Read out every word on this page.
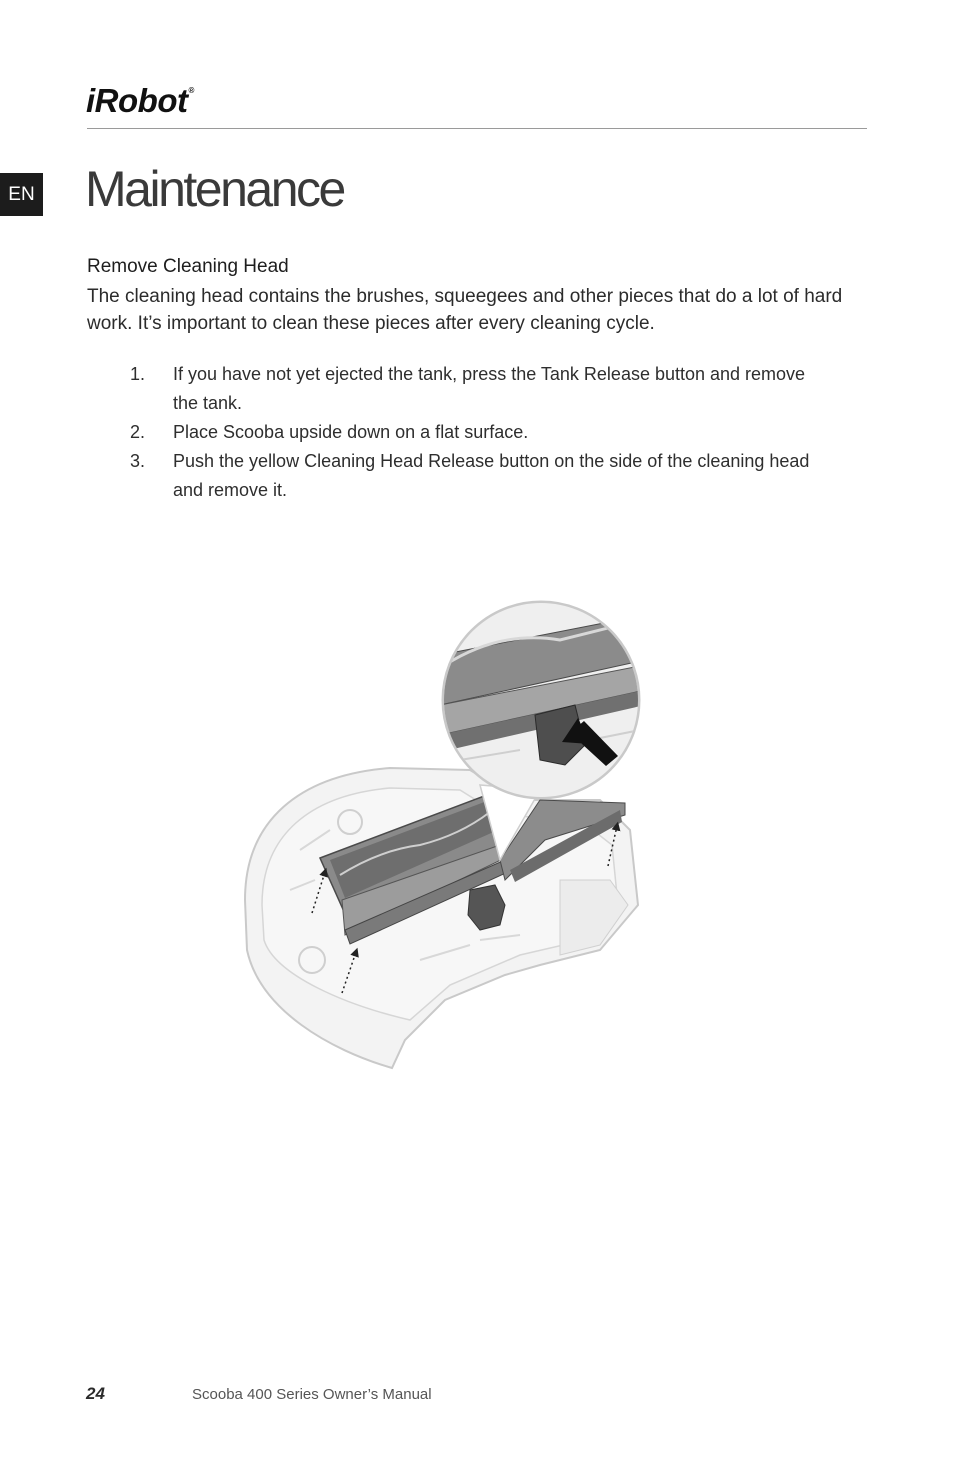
iRobot®
EN Maintenance
Remove Cleaning Head

The cleaning head contains the brushes, squeegees and other pieces that do a lot of hard work. It’s important to clean these pieces after every cleaning cycle.

1.	If you have not yet ejected the tank, press the Tank Release button and remove the tank.
2.	Place Scooba upside down on a flat surface.
3.	Push the yellow Cleaning Head Release button on the side of the cleaning head and remove it.
24	Scooba 400 Series Owner’s Manual
